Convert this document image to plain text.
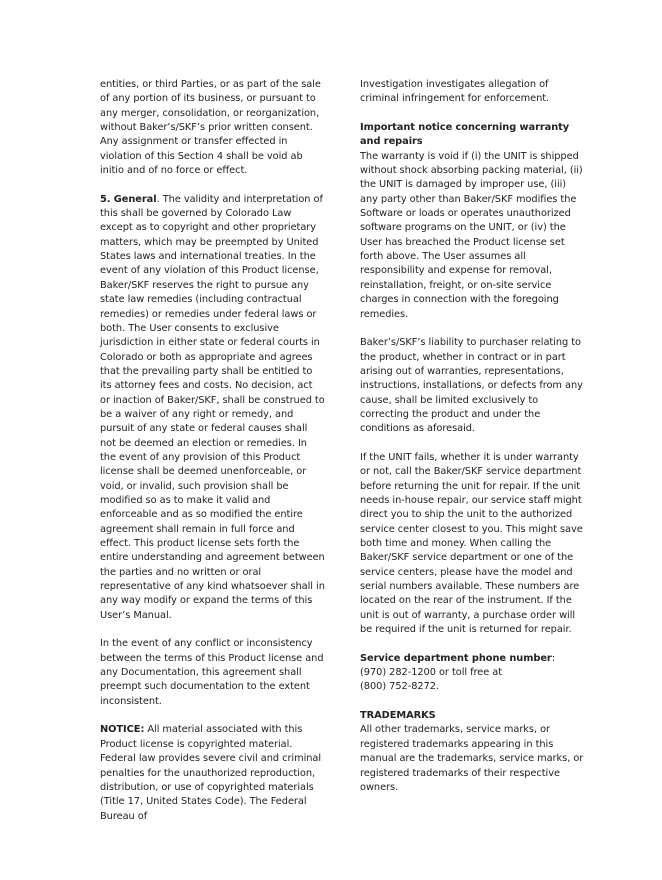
entities, or third Parties, or as part of the sale of any portion of its business, or pursuant to any merger, consolidation, or reorganization, without Baker’s/SKF’s prior written consent. Any assignment or transfer effected in violation of this Section 4 shall be void ab initio and of no force or effect.

5. General. The validity and interpretation of this shall be governed by Colorado Law except as to copyright and other proprietary matters, which may be preempted by United States laws and international treaties. In the event of any violation of this Product license, Baker/SKF reserves the right to pursue any state law remedies (including contractual remedies) or remedies under federal laws or both. The User consents to exclusive jurisdiction in either state or federal courts in Colorado or both as appropriate and agrees that the prevailing party shall be entitled to its attorney fees and costs. No decision, act or inaction of Baker/SKF, shall be construed to be a waiver of any right or remedy, and pursuit of any state or federal causes shall not be deemed an election or remedies. In the event of any provision of this Product license shall be deemed unenforceable, or void, or invalid, such provision shall be modified so as to make it valid and enforceable and as so modified the entire agreement shall remain in full force and effect. This product license sets forth the entire understanding and agreement between the parties and no written or oral representative of any kind whatsoever shall in any way modify or expand the terms of this User’s Manual.

In the event of any conflict or inconsistency between the terms of this Product license and any Documentation, this agreement shall preempt such documentation to the extent inconsistent.

NOTICE: All material associated with this Product license is copyrighted material. Federal law provides severe civil and criminal penalties for the unauthorized reproduction, distribution, or use of copyrighted materials (Title 17, United States Code). The Federal Bureau of

Investigation investigates allegation of criminal infringement for enforcement.

Important notice concerning warranty and repairs

The warranty is void if (i) the UNIT is shipped without shock absorbing packing material, (ii) the UNIT is damaged by improper use, (iii) any party other than Baker/SKF modifies the Software or loads or operates unauthorized software programs on the UNIT, or (iv) the User has breached the Product license set forth above. The User assumes all responsibility and expense for removal, reinstallation, freight, or on-site service charges in connection with the foregoing remedies.

Baker’s/SKF’s liability to purchaser relating to the product, whether in contract or in part arising out of warranties, representations, instructions, installations, or defects from any cause, shall be limited exclusively to correcting the product and under the conditions as aforesaid.

If the UNIT fails, whether it is under warranty or not, call the Baker/SKF service department before returning the unit for repair. If the unit needs in-house repair, our service staff might direct you to ship the unit to the authorized service center closest to you. This might save both time and money. When calling the Baker/SKF service department or one of the service centers, please have the model and serial numbers available. These numbers are located on the rear of the instrument. If the unit is out of warranty, a purchase order will be required if the unit is returned for repair.

Service department phone number:

(970) 282-1200 or toll free at

(800) 752-8272.

TRADEMARKS

All other trademarks, service marks, or registered trademarks appearing in this manual are the trademarks, service marks, or registered trademarks of their respective owners.
